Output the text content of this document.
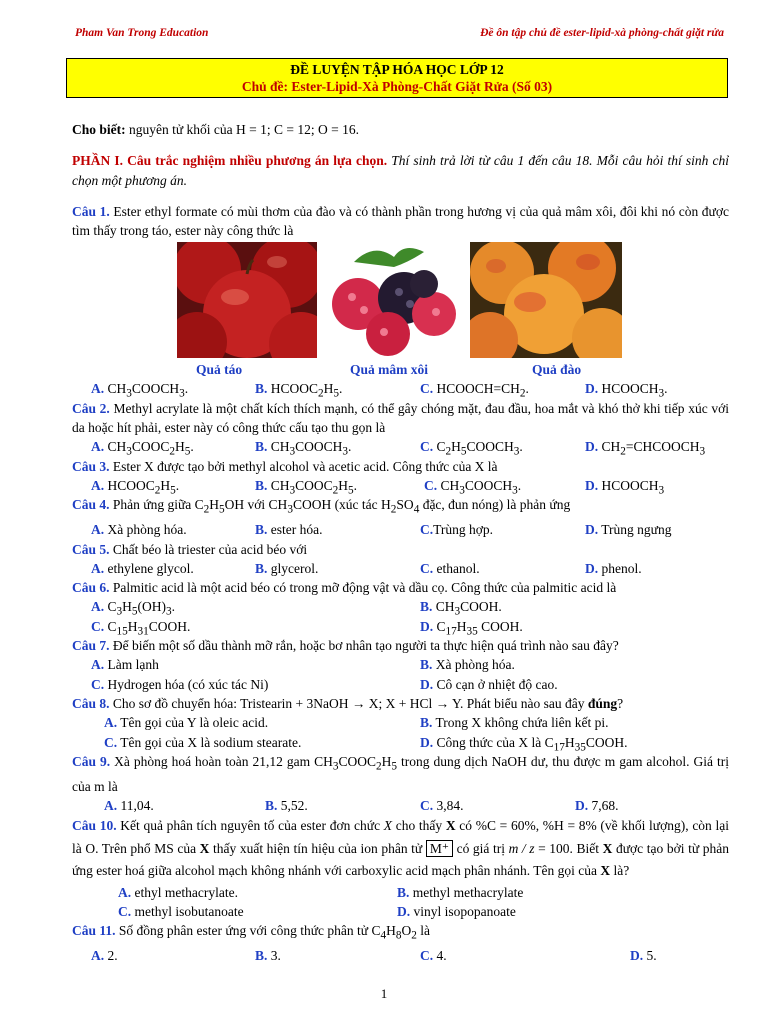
Pham Van Trong Education	Đề ôn tập chủ đề ester-lipid-xà phòng-chất giặt rửa
ĐỀ LUYỆN TẬP HÓA HỌC LỚP 12
Chủ đề: Ester-Lipid-Xà Phòng-Chất Giặt Rửa (Số 03)

Cho biết: nguyên tử khối của H = 1; C = 12; O = 16.

PHẦN I. Câu trắc nghiệm nhiều phương án lựa chọn. Thí sinh trả lời từ câu 1 đến câu 18. Mỗi câu hỏi thí sinh chỉ chọn một phương án.

Câu 1. Ester ethyl formate có mùi thơm của đào và có thành phần trong hương vị của quả mâm xôi, đôi khi nó còn được tìm thấy trong táo, ester này công thức là

Quả táo	Quả mâm xôi	Quả đào
A. $CH_3COOCH_3$.	B. $HCOOC_2H_5$.	C. $HCOOCH=CH_2$.	D. $HCOOCH_3$.

Câu 2. Methyl acrylate là một chất kích thích mạnh, có thể gây chóng mặt, đau đầu, hoa mắt và khó thở khi tiếp xúc với da hoặc hít phải, ester này có công thức cấu tạo thu gọn là

A. $CH_3COOC_2H_5$.	B. $CH_3COOCH_3$.	C. $C_2H_5COOCH_3$.	D. $CH_2=CHCOOCH_3$

Câu 3. Ester X được tạo bởi methyl alcohol và acetic acid. Công thức của X là

A. $HCOOC_2H_5$.	B. $CH_3COOC_2H_5$.	C. $CH_3COOCH_3$.	D. $HCOOCH_3$

Câu 4. Phản ứng giữa $C_2H_5OH$ với $CH_3COOH$ (xúc tác $H_2SO_4$ đặc, đun nóng) là phản ứng

A. Xà phòng hóa.	B. ester hóa.	C.Trùng hợp.	D. Trùng ngưng

Câu 5. Chất béo là triester của acid béo với

A. ethylene glycol.	B. glycerol.	C. ethanol.	D. phenol.

Câu 6. Palmitic acid là một acid béo có trong mỡ động vật và dầu cọ. Công thức của palmitic acid là

A. $C_3H_5(OH)_3$.	B. $CH_3COOH$.
C. $C_{15}H_{31}COOH$.	D. $C_{17}H_{35}$ COOH.

Câu 7. Để biến một số dầu thành mỡ rắn, hoặc bơ nhân tạo người ta thực hiện quá trình nào sau đây?

A. Làm lạnh	B. Xà phòng hóa.
C. Hydrogen hóa (có xúc tác Ni)	D. Cô cạn ở nhiệt độ cao.

Câu 8. Cho sơ đồ chuyển hóa: Tristearin + 3NaOH → X; X + HCl → Y. Phát biểu nào sau đây đúng?

A. Tên gọi của Y là oleic acid.	B. Trong X không chứa liên kết pi.
C. Tên gọi của X là sodium stearate.	D. Công thức của X là $C_{17}H_{35}COOH$.

Câu 9. Xà phòng hoá hoàn toàn 21,12 gam $CH_3COOC_2H_5$ trong dung dịch NaOH dư, thu được m gam alcohol. Giá trị của m là

A. 11,04.	B. 5,52.	C. 3,84.	D. 7,68.

Câu 10. Kết quả phân tích nguyên tố của ester đơn chức X cho thấy X có %C = 60%, %H = 8% (về khối lượng), còn lại là O. Trên phổ MS của X thấy xuất hiện tín hiệu của ion phân tử M⁺ có giá trị m / z = 100. Biết X được tạo bởi từ phản ứng ester hoá giữa alcohol mạch không nhánh với carboxylic acid mạch phân nhánh. Tên gọi của X là?

A. ethyl methacrylate.	B. methyl methacrylate
C. methyl isobutanoate	D. vinyl isopopanoate

Câu 11. Số đồng phân ester ứng với công thức phân tử $C_4H_8O_2$ là

A. 2.	B. 3.	C. 4.	D. 5.
1
